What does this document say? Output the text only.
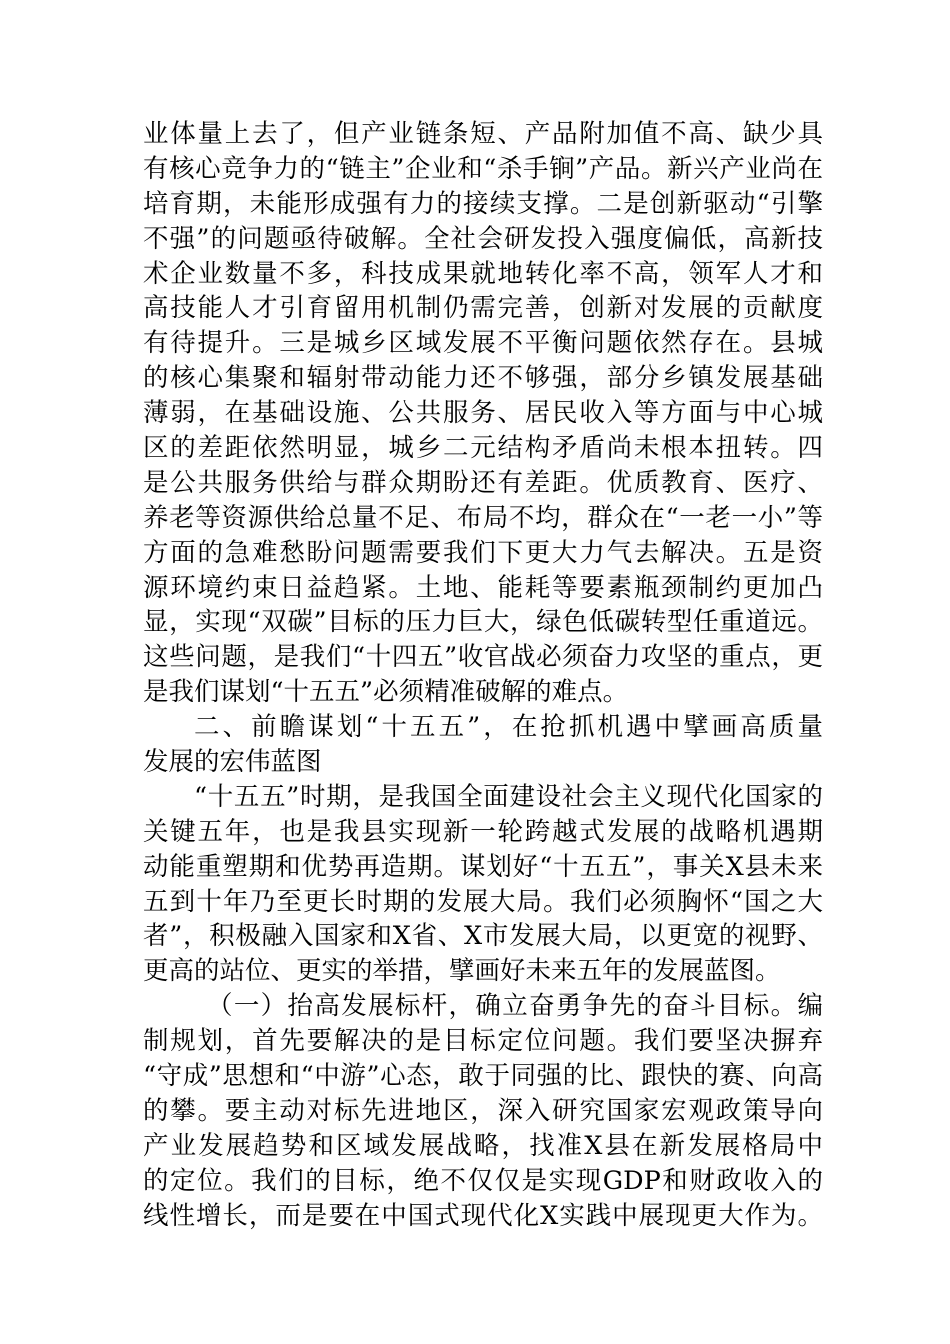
业体量上去了，但产业链条短、产品附加值不高、缺少具
有核心竞争力的“链主”企业和“杀手锏”产品。新兴产业尚在
培育期，未能形成强有力的接续支撑。二是创新驱动“引擎
不强”的问题亟待破解。全社会研发投入强度偏低，高新技
术企业数量不多，科技成果就地转化率不高，领军人才和
高技能人才引育留用机制仍需完善，创新对发展的贡献度
有待提升。三是城乡区域发展不平衡问题依然存在。县城
的核心集聚和辐射带动能力还不够强，部分乡镇发展基础
薄弱，在基础设施、公共服务、居民收入等方面与中心城
区的差距依然明显，城乡二元结构矛盾尚未根本扭转。四
是公共服务供给与群众期盼还有差距。优质教育、医疗、
养老等资源供给总量不足、布局不均，群众在“一老一小”等
方面的急难愁盼问题需要我们下更大力气去解决。五是资
源环境约束日益趋紧。土地、能耗等要素瓶颈制约更加凸
显，实现“双碳”目标的压力巨大，绿色低碳转型任重道远。
这些问题，是我们“十四五”收官战必须奋力攻坚的重点，更
是我们谋划“十五五”必须精准破解的难点。
二、前瞻谋划“十五五”，在抢抓机遇中擘画高质量
发展的宏伟蓝图
“十五五”时期，是我国全面建设社会主义现代化国家的
关键五年，也是我县实现新一轮跨越式发展的战略机遇期
动能重塑期和优势再造期。谋划好“十五五”，事关X县未来
五到十年乃至更长时期的发展大局。我们必须胸怀“国之大
者”，积极融入国家和X省、X市发展大局，以更宽的视野、
更高的站位、更实的举措，擘画好未来五年的发展蓝图。
（一）抬高发展标杆，确立奋勇争先的奋斗目标。编
制规划，首先要解决的是目标定位问题。我们要坚决摒弃
“守成”思想和“中游”心态，敢于同强的比、跟快的赛、向高
的攀。要主动对标先进地区，深入研究国家宏观政策导向
产业发展趋势和区域发展战略，找准X县在新发展格局中
的定位。我们的目标，绝不仅仅是实现GDP和财政收入的
线性增长，而是要在中国式现代化X实践中展现更大作为。
